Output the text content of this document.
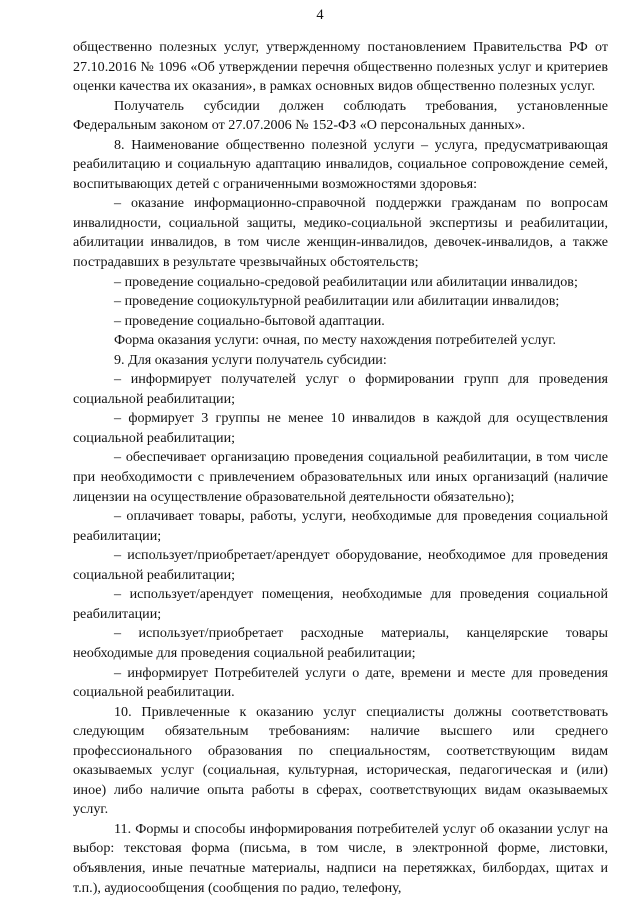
4

общественно полезных услуг, утвержденному постановлением Правительства РФ от 27.10.2016 № 1096 «Об утверждении перечня общественно полезных услуг и критериев оценки качества их оказания», в рамках основных видов общественно полезных услуг.

Получатель субсидии должен соблюдать требования, установленные Федеральным законом от 27.07.2006 № 152-ФЗ «О персональных данных».

8. Наименование общественно полезной услуги – услуга, предусматривающая реабилитацию и социальную адаптацию инвалидов, социальное сопровождение семей, воспитывающих детей с ограниченными возможностями здоровья:

– оказание информационно-справочной поддержки гражданам по вопросам инвалидности, социальной защиты, медико-социальной экспертизы и реабилитации, абилитации инвалидов, в том числе женщин-инвалидов, девочек-инвалидов, а также пострадавших в результате чрезвычайных обстоятельств;

– проведение социально-средовой реабилитации или абилитации инвалидов;

– проведение социокультурной реабилитации или абилитации инвалидов;

– проведение социально-бытовой адаптации.

Форма оказания услуги: очная, по месту нахождения потребителей услуг.

9. Для оказания услуги получатель субсидии:

– информирует получателей услуг о формировании групп для проведения социальной реабилитации;

– формирует 3 группы не менее 10 инвалидов в каждой для осуществления социальной реабилитации;

– обеспечивает организацию проведения социальной реабилитации, в том числе при необходимости с привлечением образовательных или иных организаций (наличие лицензии на осуществление образовательной деятельности обязательно);

– оплачивает товары, работы, услуги, необходимые для проведения социальной реабилитации;

– использует/приобретает/арендует оборудование, необходимое для проведения социальной реабилитации;

– использует/арендует помещения, необходимые для проведения социальной реабилитации;

– использует/приобретает расходные материалы, канцелярские товары необходимые для проведения социальной реабилитации;

– информирует Потребителей услуги о дате, времени и месте для проведения социальной реабилитации.

10. Привлеченные к оказанию услуг специалисты должны соответствовать следующим обязательным требованиям: наличие высшего или среднего профессионального образования по специальностям, соответствующим видам оказываемых услуг (социальная, культурная, историческая, педагогическая и (или) иное) либо наличие опыта работы в сферах, соответствующих видам оказываемых услуг.

11. Формы и способы информирования потребителей услуг об оказании услуг на выбор: текстовая форма (письма, в том числе, в электронной форме, листовки, объявления, иные печатные материалы, надписи на перетяжках, билбордах, щитах и т.п.), аудиосообщения (сообщения по радио, телефону,
